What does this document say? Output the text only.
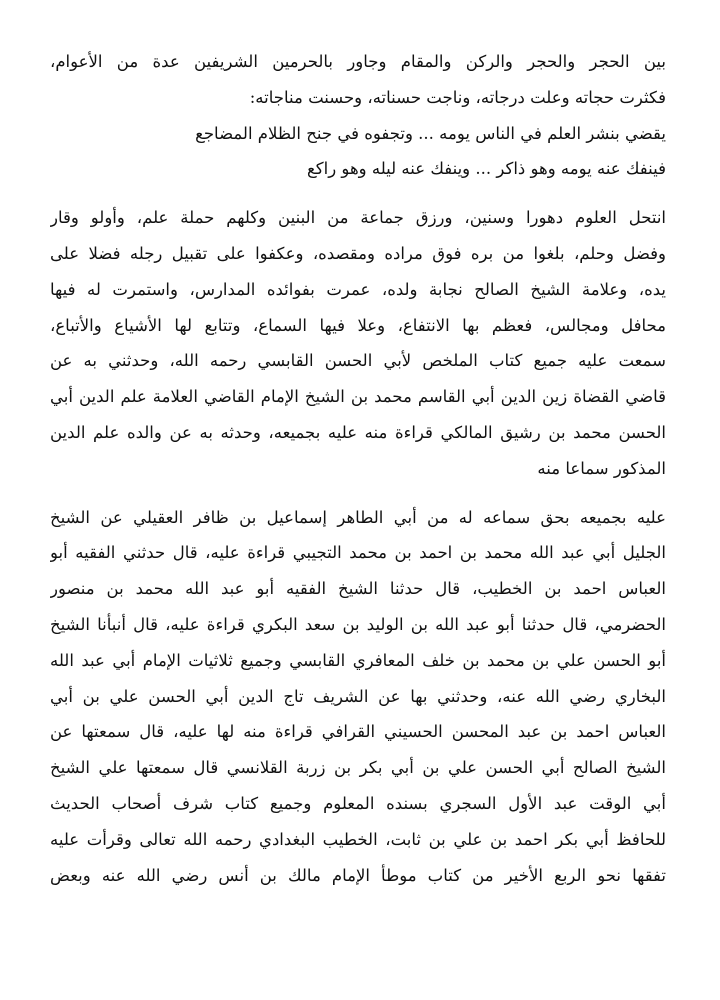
بين الحجر والحجر والركن والمقام وجاور بالحرمين الشريفين عدة من الأعوام،
فكثرت حجاته وعلت درجاته، وناجت حسناته، وحسنت مناجاته:
يقضي بنشر العلم في الناس يومه ... وتجفوه في جنح الظلام المضاجع
فينفك عنه يومه وهو ذاكر ... وينفك عنه ليله وهو راكع
انتحل العلوم دهورا وسنين، ورزق جماعة من البنين وكلهم حملة علم، وأولو وقار
وفضل وحلم، بلغوا من بره فوق مراده ومقصده، وعكفوا على تقبيل رجله فضلا على
يده، وعلامة الشيخ الصالح نجابة ولده، عمرت بفوائده المدارس، واستمرت له فيها
محافل ومجالس، فعظم بها الانتفاع، وعلا فيها السماع، وتتابع لها الأشياع والأتباع،
سمعت عليه جميع كتاب الملخص لأبي الحسن القابسي رحمه الله، وحدثني به عن
قاضي القضاة زين الدين أبي القاسم محمد بن الشيخ الإمام القاضي العلامة علم الدين أبي
الحسن محمد بن رشيق المالكي قراءة منه عليه بجميعه، وحدثه به عن والده علم الدين
المذكور سماعا منه
عليه بجميعه بحق سماعه له من أبي الطاهر إسماعيل بن ظافر العقيلي عن الشيخ
الجليل أبي عبد الله محمد بن احمد بن محمد التجيبي قراءة عليه، قال حدثني الفقيه أبو
العباس احمد بن الخطيب، قال حدثنا الشيخ الفقيه أبو عبد الله محمد بن منصور
الحضرمي، قال حدثنا أبو عبد الله بن الوليد بن سعد البكري قراءة عليه، قال أنبأنا الشيخ
أبو الحسن علي بن محمد بن خلف المعافري القابسي وجميع ثلاثيات الإمام أبي عبد الله
البخاري رضي الله عنه، وحدثني بها عن الشريف تاج الدين أبي الحسن علي بن أبي
العباس احمد بن عبد المحسن الحسيني القرافي قراءة منه لها عليه، قال سمعتها عن
الشيخ الصالح أبي الحسن علي بن أبي بكر بن زربة القلانسي قال سمعتها علي الشيخ
أبي الوقت عبد الأول السجري بسنده المعلوم وجميع كتاب شرف أصحاب الحديث
للحافظ أبي بكر احمد بن علي بن ثابت، الخطيب البغدادي رحمه الله تعالى وقرأت عليه
تفقها نحو الربع الأخير من كتاب موطأ الإمام مالك بن أنس رضي الله عنه وبعض
